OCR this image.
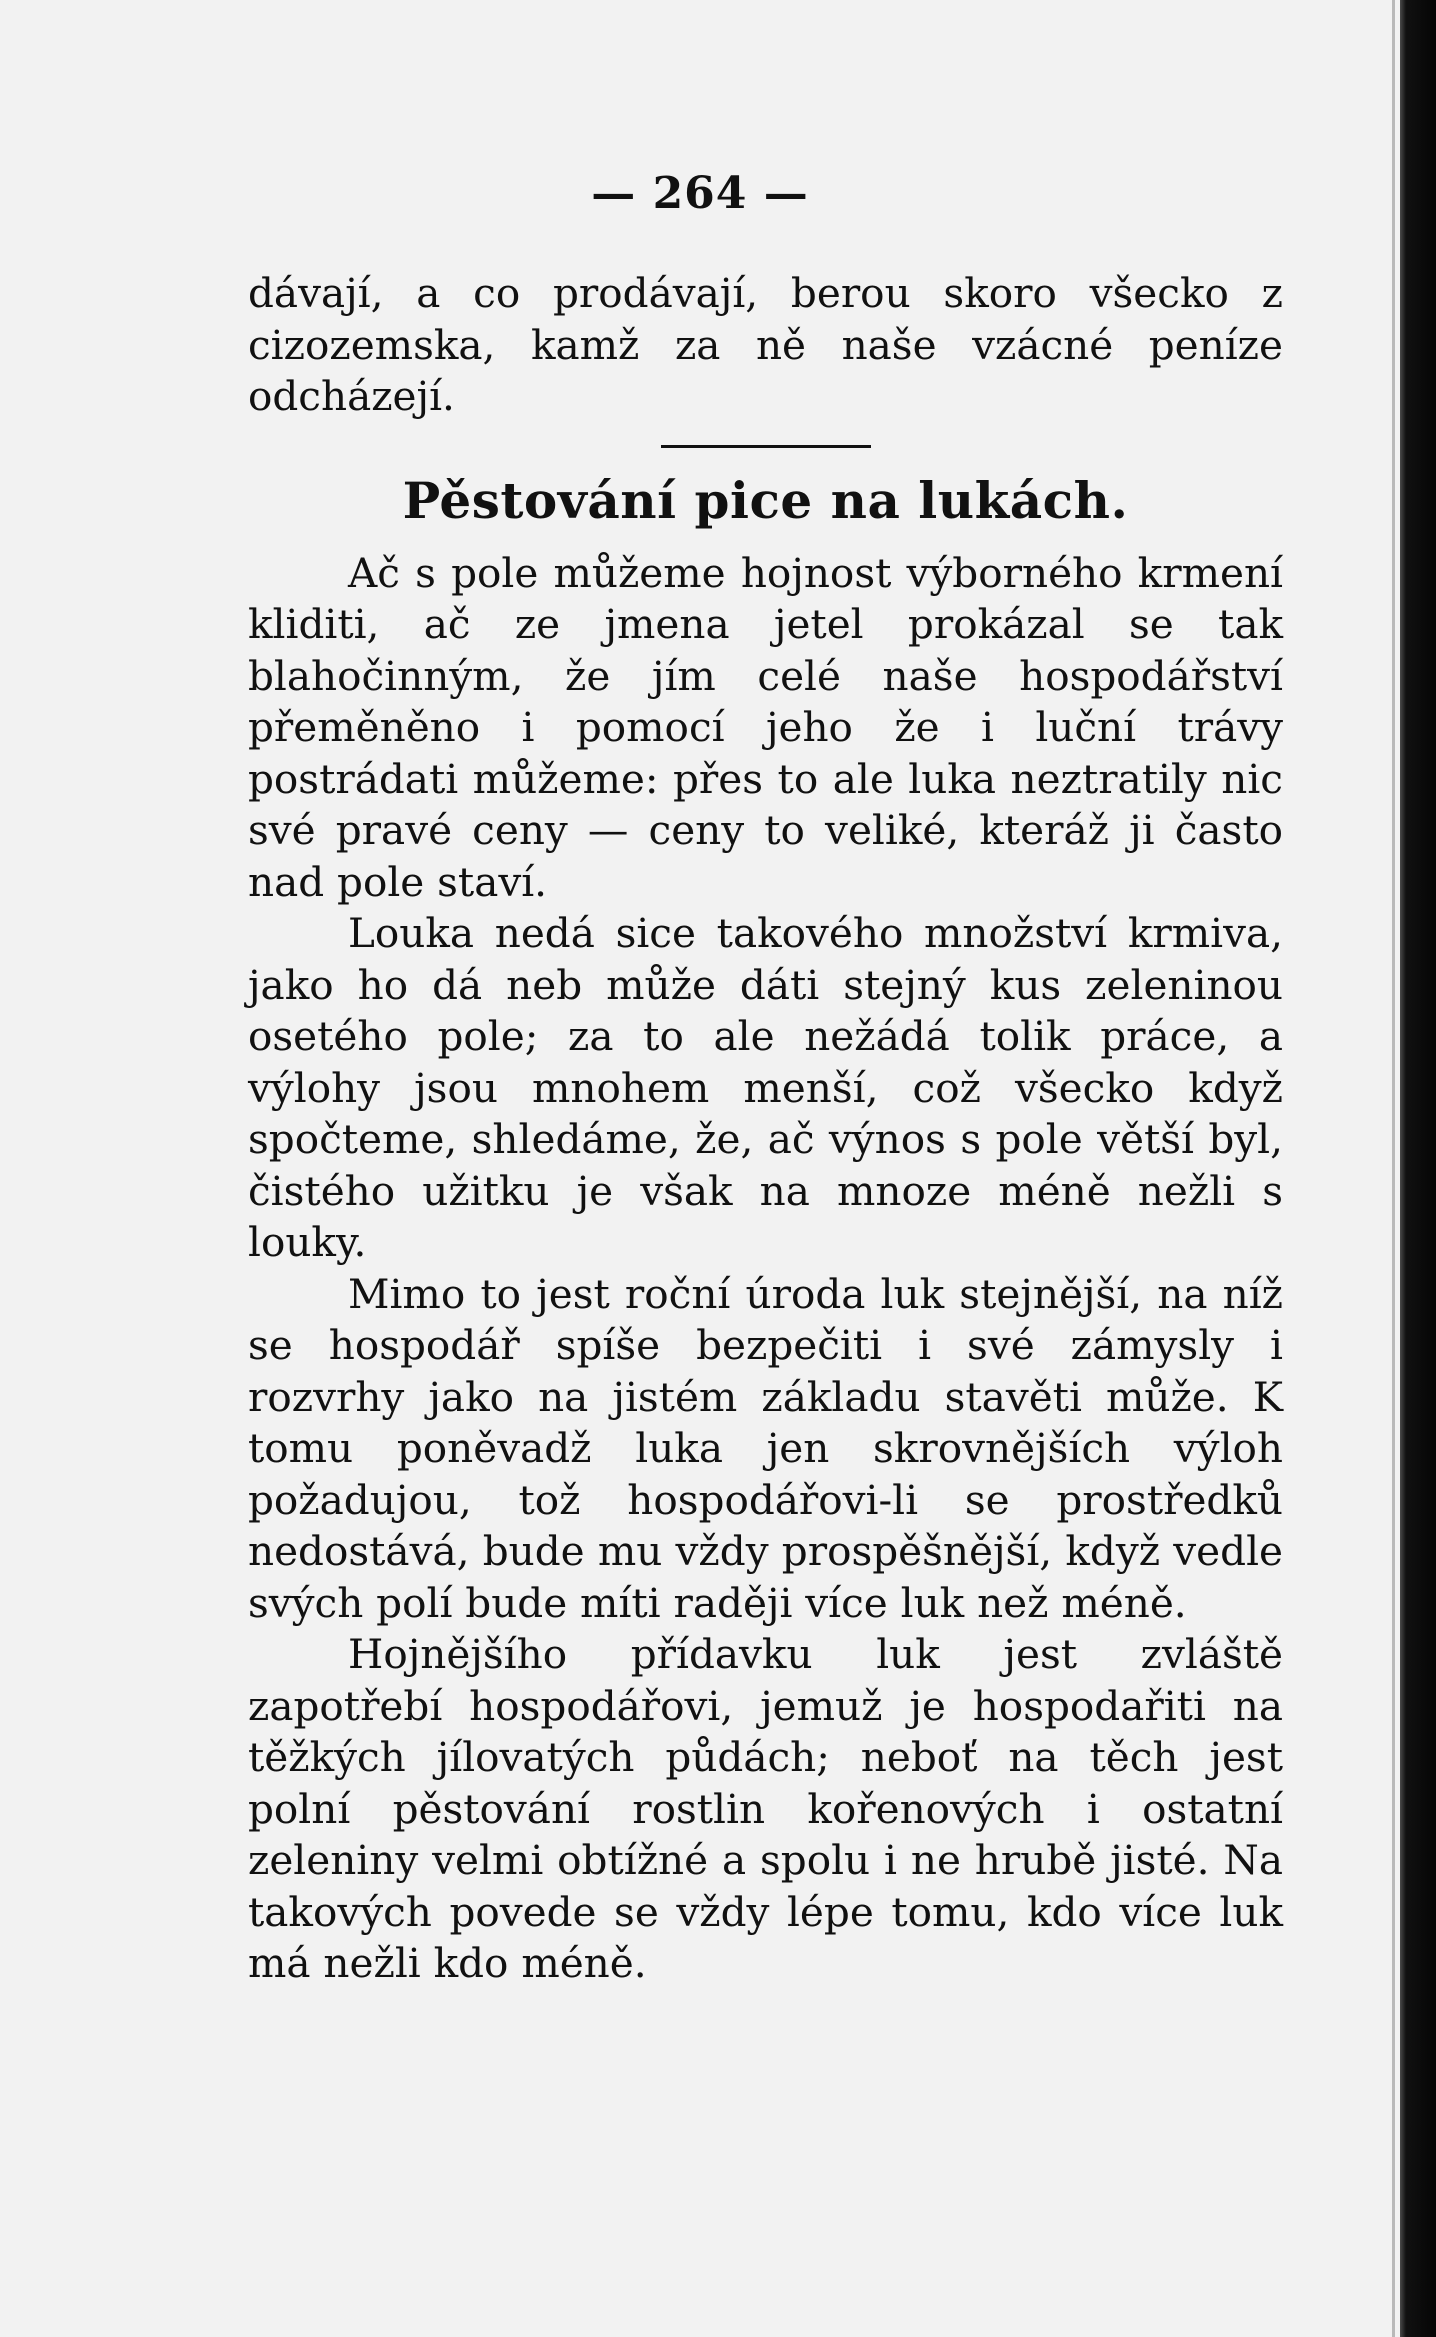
— 264 —

dávají, a co prodávají, berou skoro všecko z cizozemska, kamž za ně naše vzácné peníze odcházejí.

Pěstování pice na lukách.

Ač s pole můžeme hojnost výborného krmení kliditi, ač ze jmena jetel prokázal se tak blahočinným, že jím celé naše hospodářství přeměněno i pomocí jeho že i luční trávy postrádati můžeme: přes to ale luka neztratily nic své pravé ceny — ceny to veliké, kteráž ji často nad pole staví.

Louka nedá sice takového množství krmiva, jako ho dá neb může dáti stejný kus zeleninou osetého pole; za to ale nežádá tolik práce, a výlohy jsou mnohem menší, což všecko když spočteme, shledáme, že, ač výnos s pole větší byl, čistého užitku je však na mnoze méně nežli s louky.

Mimo to jest roční úroda luk stejnější, na níž se hospodář spíše bezpečiti i své zámysly i rozvrhy jako na jistém základu stavěti může. K tomu poněvadž luka jen skrovnějších výloh požadujou, tož hospodářovi-li se prostředků nedostává, bude mu vždy prospěšnější, když vedle svých polí bude míti raději více luk než méně.

Hojnějšího přídavku luk jest zvláště zapotřebí hospodářovi, jemuž je hospodařiti na těžkých jílovatých půdách; neboť na těch jest polní pěstování rostlin kořenových i ostatní zeleniny velmi obtížné a spolu i ne hrubě jisté. Na takových povede se vždy lépe tomu, kdo více luk má nežli kdo méně.
